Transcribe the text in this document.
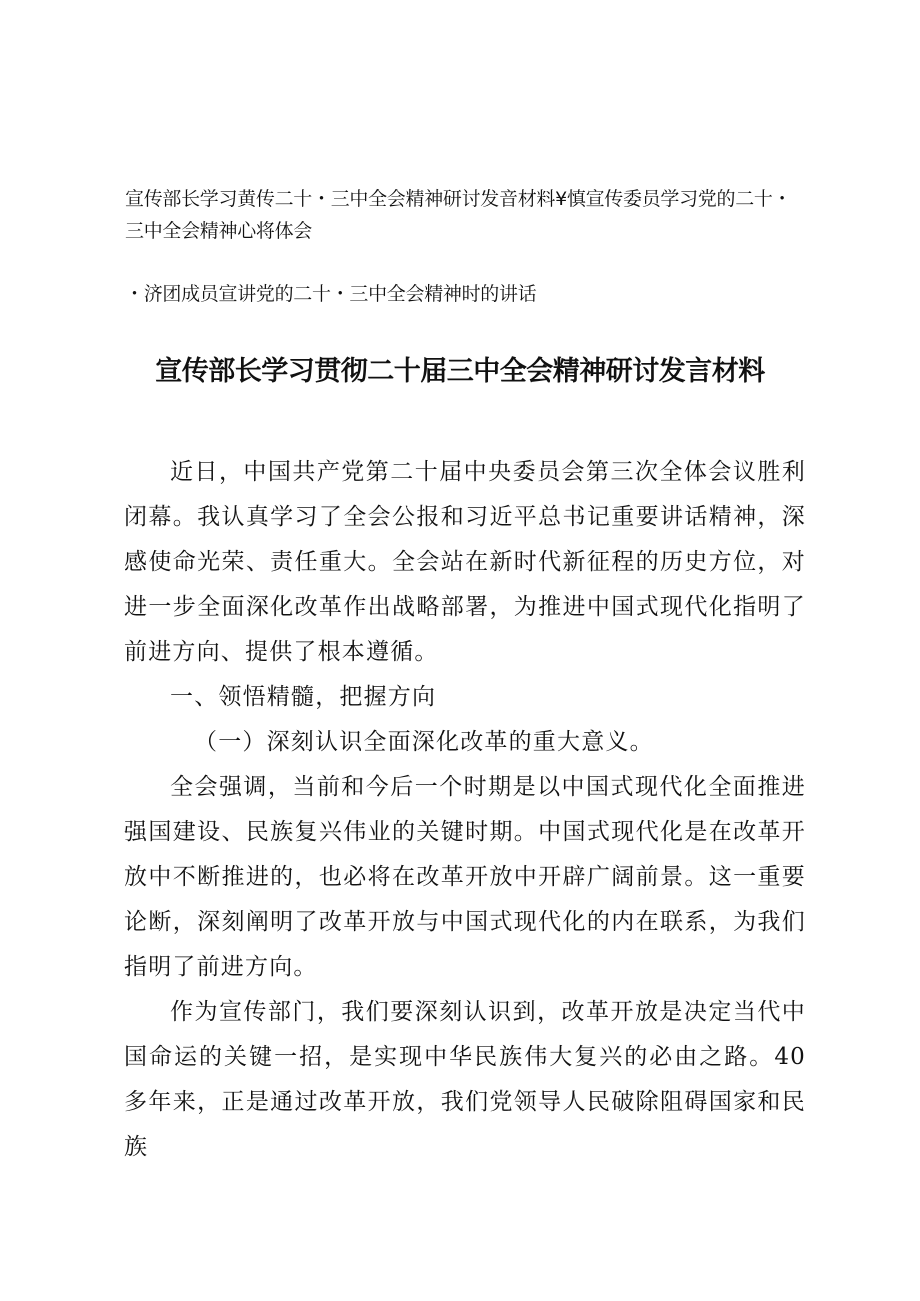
宣传部长学习黄传二十・三中全会精神研讨发音材料¥慎宣传委员学习党的二十・三中全会精神心将体会
・济团成员宣讲党的二十・三中全会精神时的讲话
宣传部长学习贯彻二十届三中全会精神研讨发言材料

近日，中国共产党第二十届中央委员会第三次全体会议胜利闭幕。我认真学习了全会公报和习近平总书记重要讲话精神，深感使命光荣、责任重大。全会站在新时代新征程的历史方位，对进一步全面深化改革作出战略部署，为推进中国式现代化指明了前进方向、提供了根本遵循。

一、领悟精髓，把握方向

（一）深刻认识全面深化改革的重大意义。

全会强调，当前和今后一个时期是以中国式现代化全面推进强国建设、民族复兴伟业的关键时期。中国式现代化是在改革开放中不断推进的，也必将在改革开放中开辟广阔前景。这一重要论断，深刻阐明了改革开放与中国式现代化的内在联系，为我们指明了前进方向。

作为宣传部门，我们要深刻认识到，改革开放是决定当代中国命运的关键一招，是实现中华民族伟大复兴的必由之路。40多年来，正是通过改革开放，我们党领导人民破除阻碍国家和民族
